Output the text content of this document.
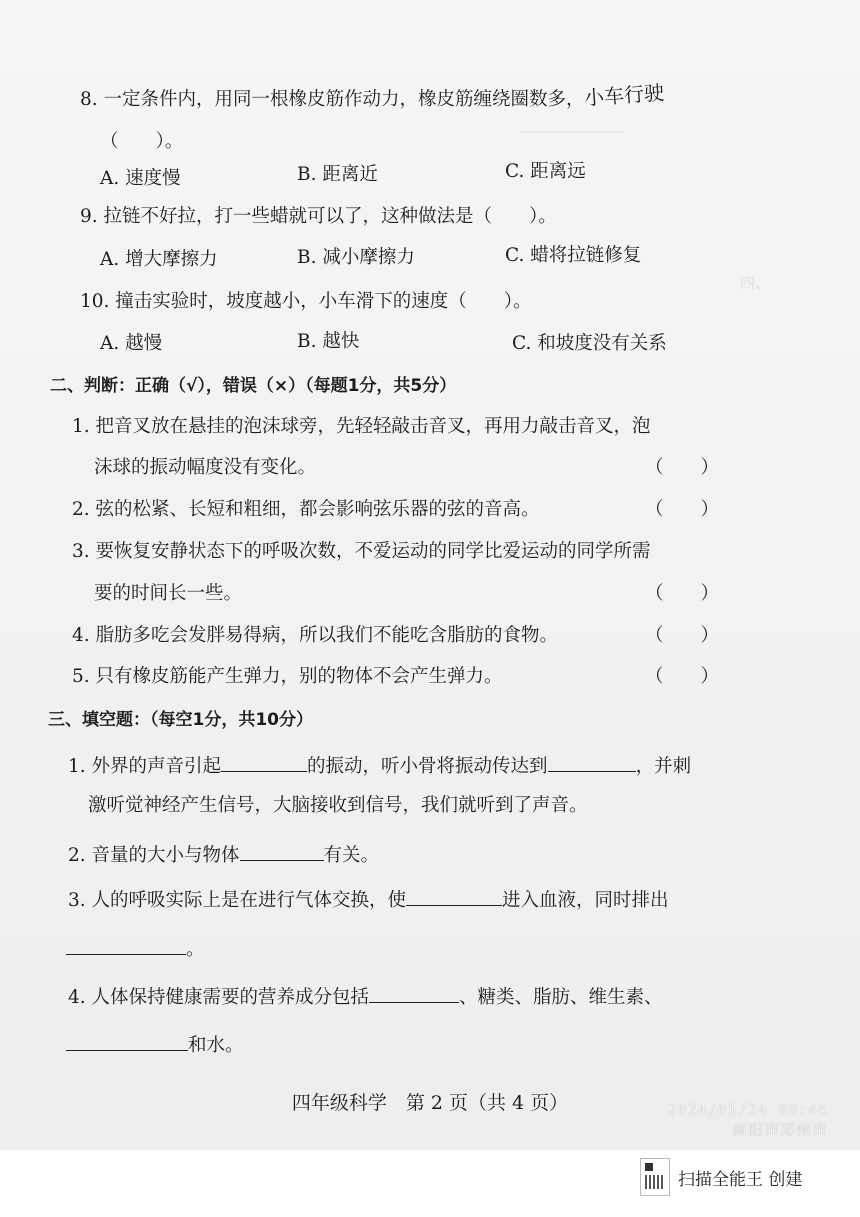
———————
四、
8. 一定条件内，用同一根橡皮筋作动力，橡皮筋缠绕圈数多，小车行驶
（　　）。
A. 速度慢	B. 距离近	C. 距离远
9. 拉链不好拉，打一些蜡就可以了，这种做法是（　　）。
A. 增大摩擦力	B. 减小摩擦力	C. 蜡将拉链修复
10. 撞击实验时，坡度越小，小车滑下的速度（　　）。
A. 越慢	B. 越快	C. 和坡度没有关系
二、判断：正确（√），错误（×）（每题1分，共5分）
1. 把音叉放在悬挂的泡沫球旁，先轻轻敲击音叉，再用力敲击音叉，泡
沫球的振动幅度没有变化。	（　　）
2. 弦的松紧、长短和粗细，都会影响弦乐器的弦的音高。	（　　）
3. 要恢复安静状态下的呼吸次数，不爱运动的同学比爱运动的同学所需
要的时间长一些。	（　　）
4. 脂肪多吃会发胖易得病，所以我们不能吃含脂肪的食物。	（　　）
5. 只有橡皮筋能产生弹力，别的物体不会产生弹力。	（　　）
三、填空题：（每空1分，共10分）
1. 外界的声音引起	的振动，听小骨将振动传达到	，并刺
激听觉神经产生信号，大脑接收到信号，我们就听到了声音。
2. 音量的大小与物体	有关。
3. 人的呼吸实际上是在进行气体交换，使	进入血液，同时排出
。
4. 人体保持健康需要的营养成分包括	、糖类、脂肪、维生素、
和水。
四年级科学　第 2 页（共 4 页）	2024/01/24 08:46
南阳市邓州市
扫描全能王 创建
